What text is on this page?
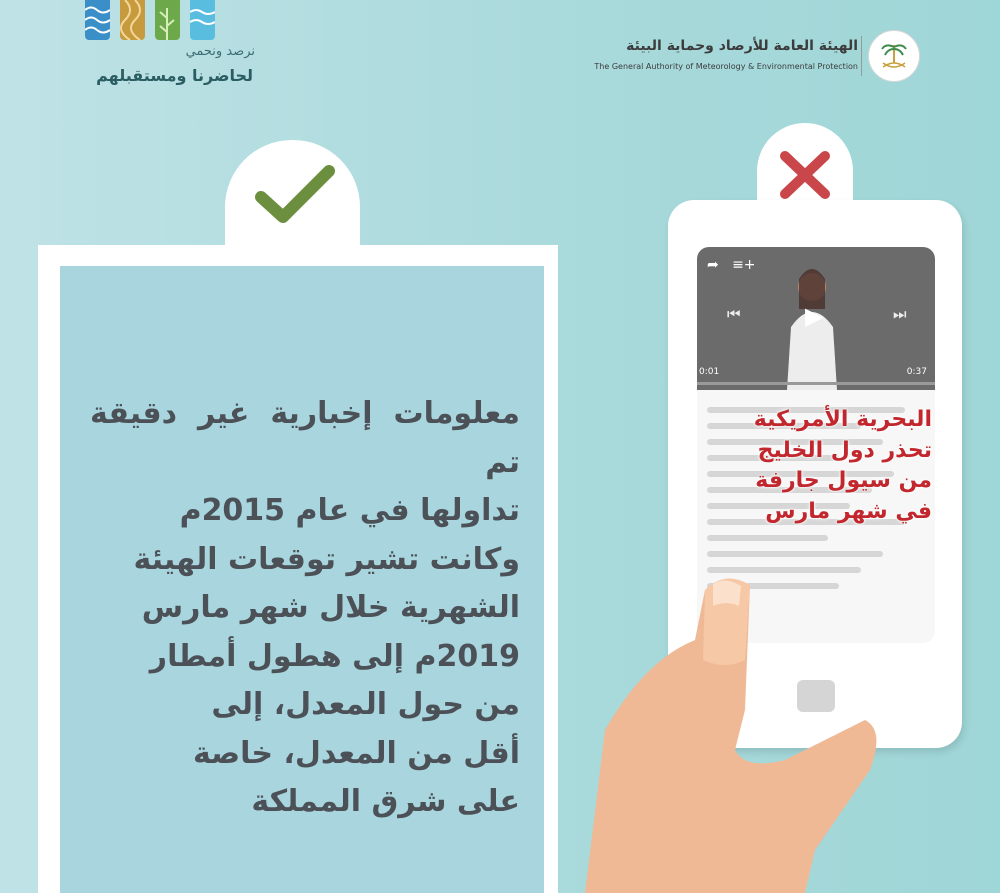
نرصد ونحمي
لحاضرنا ومستقبلهم
الهيئة العامة للأرصاد وحماية البيئة
The General Authority of Meteorology & Environmental Protection
معلومات إخبارية غير دقيقة تم
تداولها في عام 2015م
وكانت تشير توقعات الهيئة
الشهرية خلال شهر مارس
2019م إلى هطول أمطار
من حول المعدل، إلى
أقل من المعدل، خاصة
على شرق المملكة
➦   ≡+
⏮	▶	⏭
0:01	0:37
البحرية الأمريكية
تحذر دول الخليج
من سيول جارفة
في شهر مارس
